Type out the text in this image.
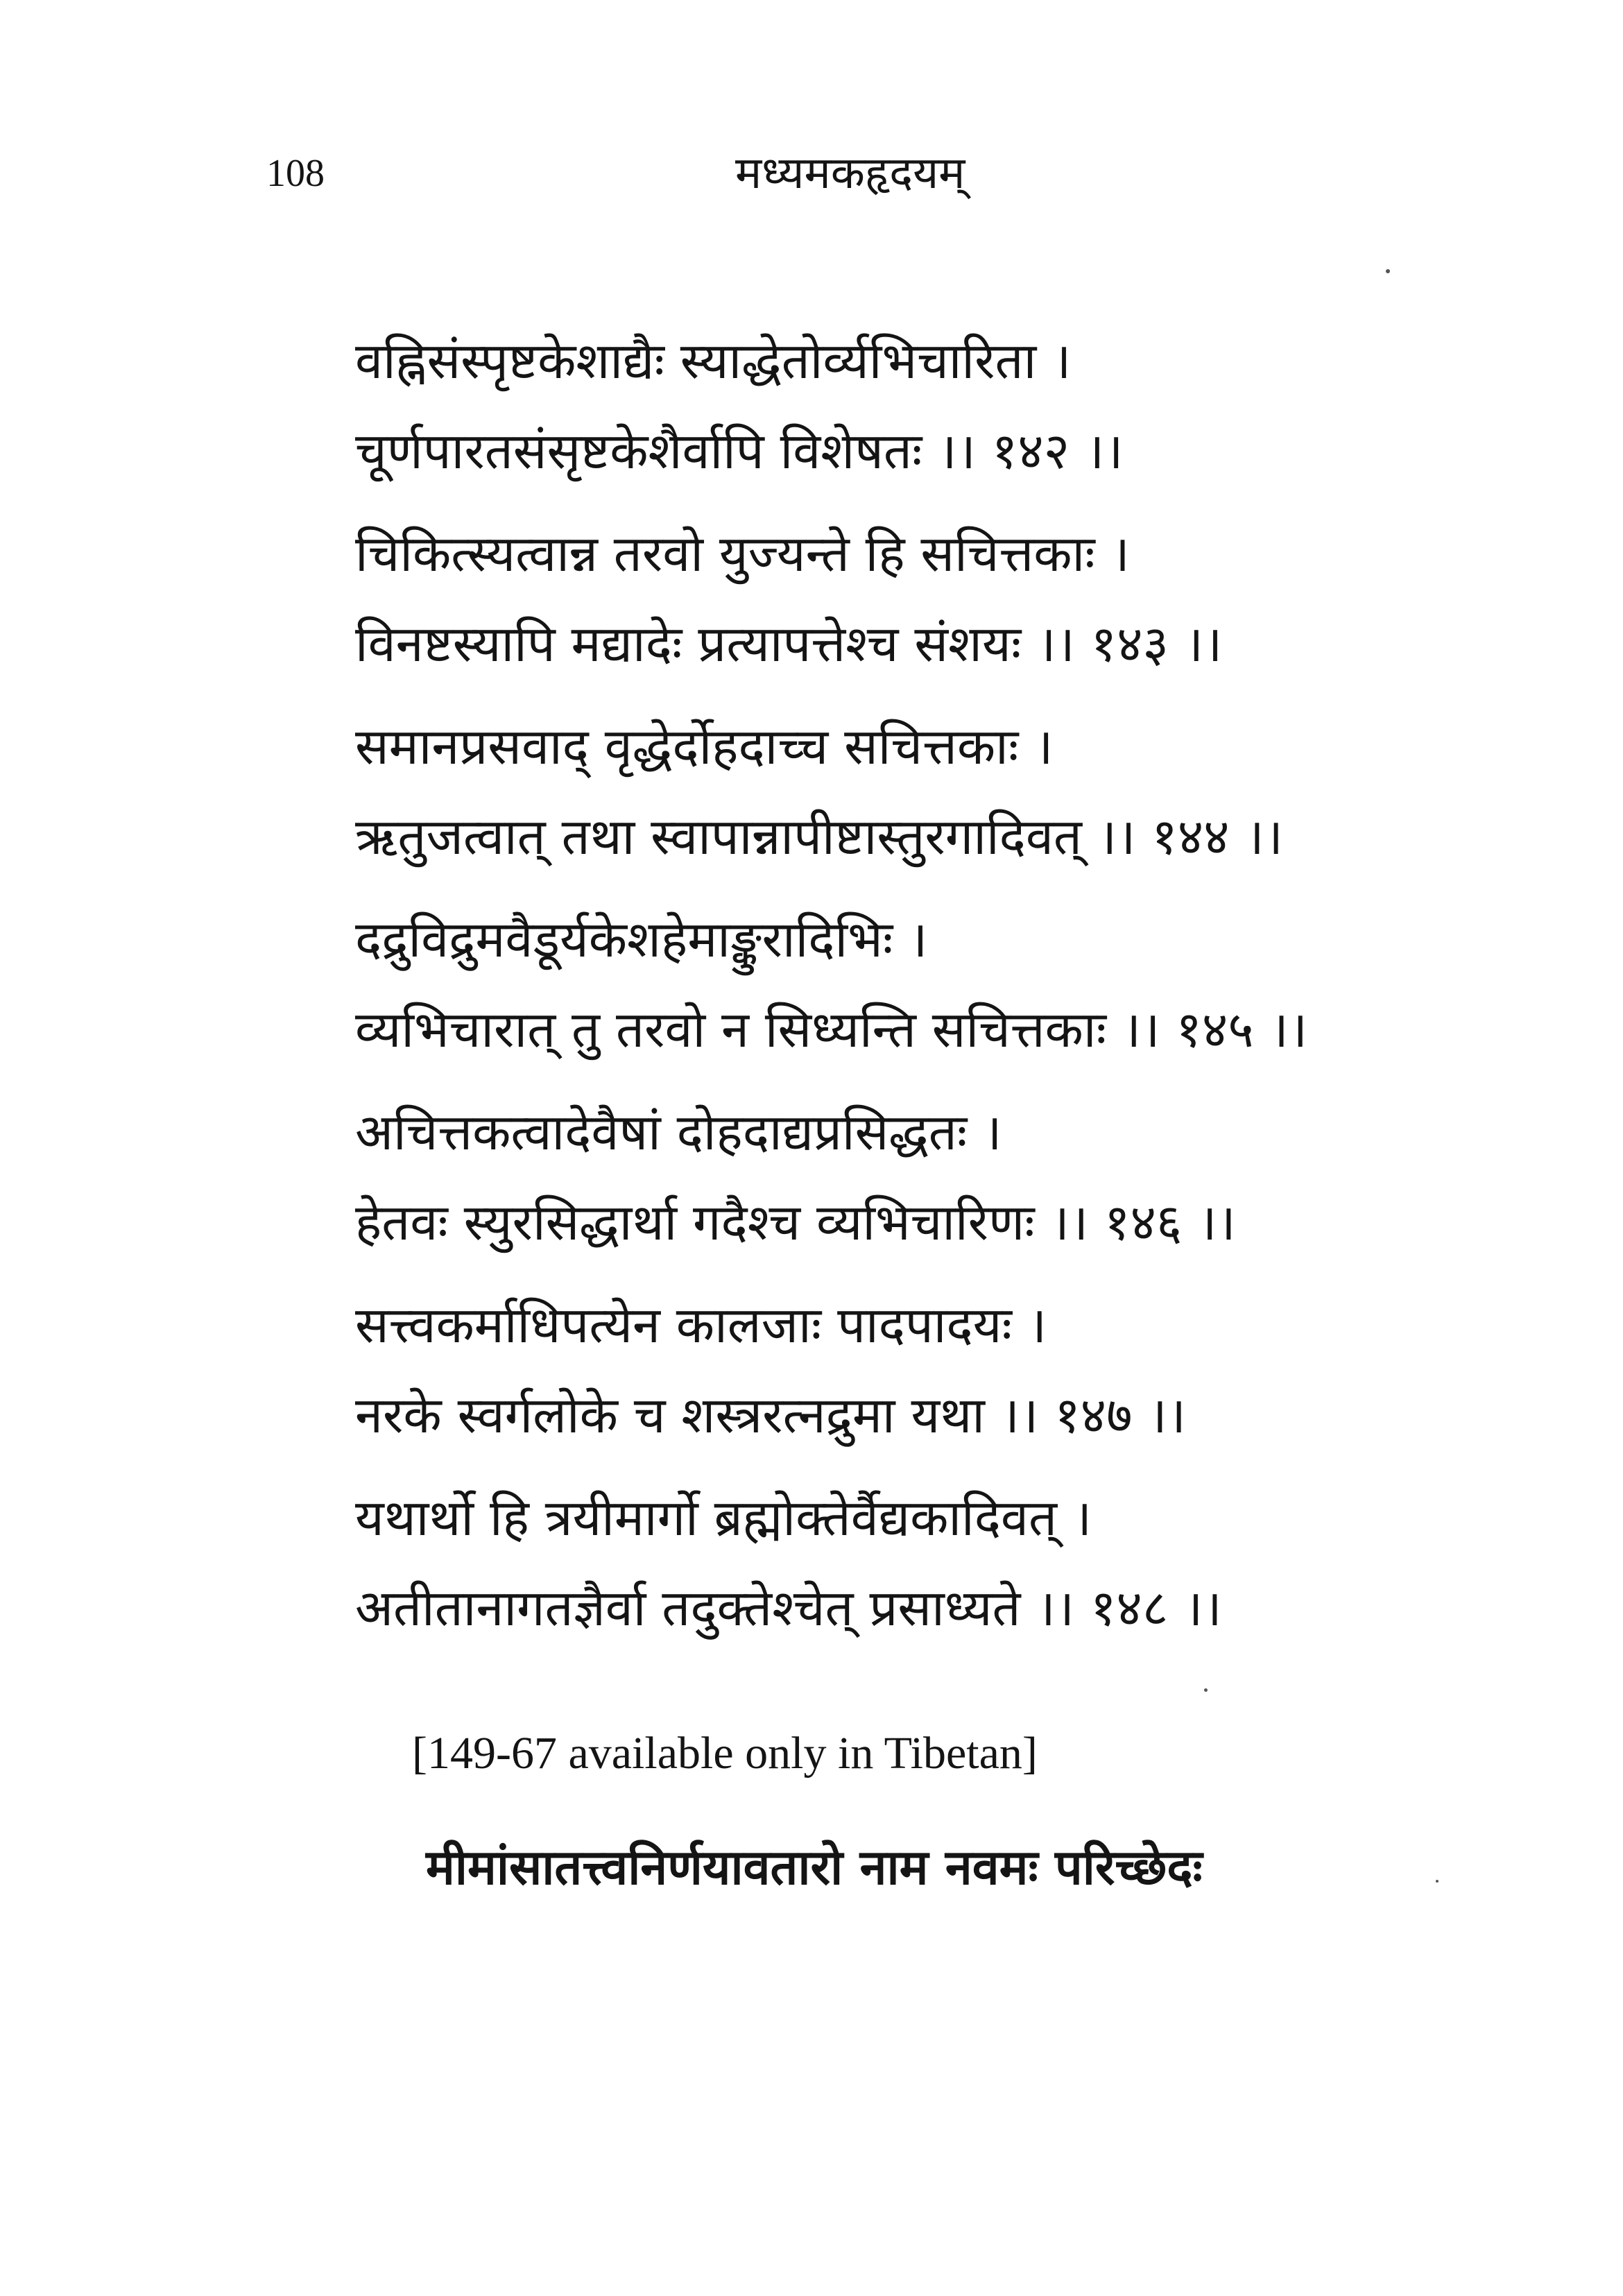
108	मध्यमकहृदयम्

वह्निसंस्पृष्टकेशाद्यैः स्याद्धेतोर्व्यभिचारिता ।
चूर्णपारतसंसृष्टकेशैर्वापि विशेषतः ।। १४२ ।।

चिकित्स्यत्वान्न तरवो युज्यन्ते हि सचित्तकाः ।
विनष्टस्यापि मद्यादेः प्रत्यापत्तेश्च संशयः ।। १४३ ।।

समानप्रसवाद् वृद्धेर्दोहदाच्च सचित्तकाः ।
ऋतुजत्वात् तथा स्वापान्नापीष्टास्तुरगादिवत् ।। १४४ ।।

दद्रुविद्रुमवैडूर्यकेशहेमाङ्कुरादिभिः ।
व्यभिचारात् तु तरवो न सिध्यन्ति सचित्तकाः ।। १४५ ।।

अचित्तकत्वादेवैषां दोहदाद्यप्रसिद्धतः ।
हेतवः स्युरसिद्धार्था गदैश्च व्यभिचारिणः ।। १४६ ।।

सत्त्वकर्माधिपत्येन कालजाः पादपादयः ।
नरके स्वर्गलोके च शस्त्ररत्नद्रुमा यथा ।। १४७ ।।

यथार्थो हि त्रयीमार्गो ब्रह्मोक्तेर्वैद्यकादिवत् ।
अतीतानागतज्ञैर्वा तदुक्तेश्चेत् प्रसाध्यते ।। १४८ ।।

[149-67 available only in Tibetan]
मीमांसातत्त्वनिर्णयावतारो नाम नवमः परिच्छेदः
